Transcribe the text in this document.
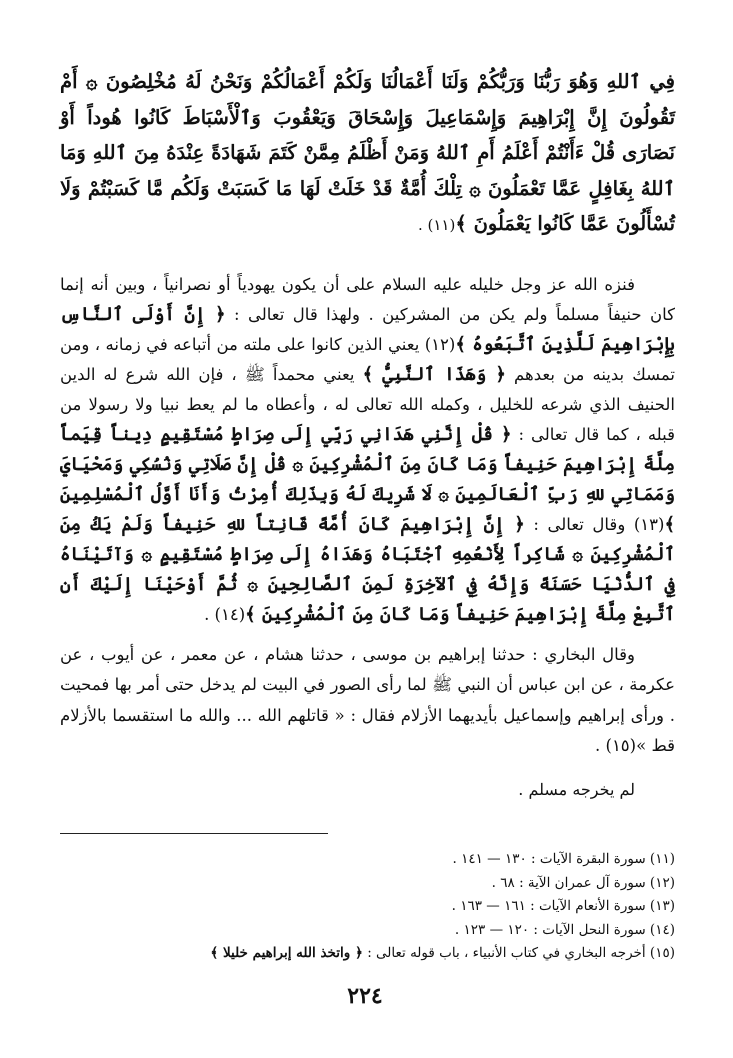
فِي ٱللهِ وَهُوَ رَبُّنَا وَرَبُّكُمْ وَلَنَا أَعْمَالُنَا وَلَكُمْ أَعْمَالُكُمْ وَنَحْنُ لَهُ مُخْلِصُونَ ۞ أَمْ تَقُولُونَ إِنَّ إِبْرَاهِيمَ وَإِسْمَاعِيلَ وَإِسْحَاقَ وَيَعْقُوبَ وَٱلْأَسْبَاطَ كَانُوا هُوداً أَوْ نَصَارَى قُلْ ءَأَنْتُمْ أَعْلَمُ أَمِ ٱللهُ وَمَنْ أَظْلَمُ مِمَّنْ كَتَمَ شَهَادَةً عِنْدَهُ مِنَ ٱللهِ وَمَا ٱللهُ بِغَافِلٍ عَمَّا تَعْمَلُونَ ۞ تِلْكَ أُمَّةٌ قَدْ خَلَتْ لَهَا مَا كَسَبَتْ وَلَكُم مَّا كَسَبْتُمْ وَلَا تُسْأَلُونَ عَمَّا كَانُوا يَعْمَلُونَ ﴾(١١) .

فنزه الله عز وجل خليله عليه السلام على أن يكون يهودياً أو نصرانياً ، وبين أنه إنما كان حنيفاً مسلماً ولم يكن من المشركين . ولهذا قال تعالى : ﴿ إِنَّ أَوْلَى ٱلنَّاسِ بِإِبْرَاهِيمَ لَلَّذِينَ ٱتَّبَعُوهُ ﴾(١٢) يعني الذين كانوا على ملته من أتباعه في زمانه ، ومن تمسك بدينه من بعدهم ﴿ وَهَذَا ٱلنَّبِيُّ ﴾ يعني محمداً ﷺ ، فإن الله شرع له الدين الحنيف الذي شرعه للخليل ، وكمله الله تعالى له ، وأعطاه ما لم يعط نبيا ولا رسولا من قبله ، كما قال تعالى : ﴿ قُلْ إِنَّنِي هَدَانِي رَبِّي إِلَى صِرَاطٍ مُسْتَقِيمٍ دِيناً قِيَماً مِلَّةَ إِبْرَاهِيمَ حَنِيفاً وَمَا كَانَ مِنَ ٱلْمُشْرِكِينَ ۞ قُلْ إِنَّ صَلَاتِي وَنُسُكِي وَمَحْيَايَ وَمَمَاتِي للهِ رَبِّ ٱلْعَالَمِينَ ۞ لَا شَرِيكَ لَهُ وَبِذَلِكَ أُمِرْتُ وَأَنَا أَوَّلُ ٱلْمُسْلِمِينَ ﴾(١٣) وقال تعالى : ﴿ إِنَّ إِبْرَاهِيمَ كَانَ أُمَّةً قَانِتاً للهِ حَنِيفاً وَلَمْ يَكُ مِنَ ٱلْمُشْرِكِينَ ۞ شَاكِراً لِأَنْعُمِهِ ٱجْتَبَاهُ وَهَدَاهُ إِلَى صِرَاطٍ مُسْتَقِيمٍ ۞ وَآتَيْنَاهُ فِي ٱلدُّنْيَا حَسَنَةً وَإِنَّهُ فِي ٱلآخِرَةِ لَمِنَ ٱلصَّالِحِينَ ۞ ثُمَّ أَوْحَيْنَا إِلَيْكَ أَنِ ٱتَّبِعْ مِلَّةَ إِبْرَاهِيمَ حَنِيفاً وَمَا كَانَ مِنَ ٱلْمُشْرِكِينَ ﴾(١٤) .

وقال البخاري : حدثنا إبراهيم بن موسى ، حدثنا هشام ، عن معمر ، عن أيوب ، عن عكرمة ، عن ابن عباس أن النبي ﷺ لما رأى الصور في البيت لم يدخل حتى أمر بها فمحيت . ورأى إبراهيم وإسماعيل بأيديهما الأزلام فقال : « قاتلهم الله ... والله ما استقسما بالأزلام قط »(١٥) .

لم يخرجه مسلم .

(١١) سورة البقرة الآيات : ١٣٠ — ١٤١ .

(١٢) سورة آل عمران الآية : ٦٨ .

(١٣) سورة الأنعام الآيات : ١٦١ — ١٦٣ .

(١٤) سورة النحل الآيات : ١٢٠ — ١٢٣ .

(١٥) أخرجه البخاري في كتاب الأنبياء ، باب قوله تعالى : ﴿ واتخذ الله إبراهيم خليلا ﴾

٢٢٤
